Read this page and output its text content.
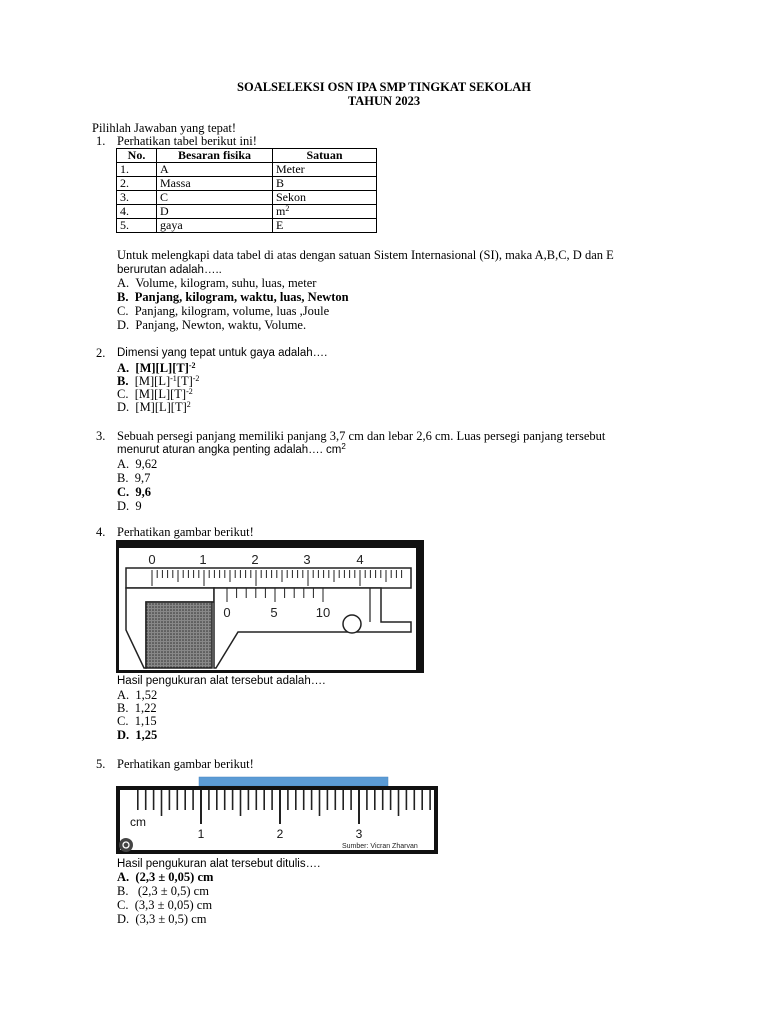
SOALSELEKSI OSN IPA SMP TINGKAT SEKOLAH
TAHUN 2023
Pilihlah Jawaban yang tepat!
1. Perhatikan tabel berikut ini!
No.	Besaran fisika	Satuan
1.	A	Meter
2.	Massa	B
3.	C	Sekon
4.	D	$m^2$
5.	gaya	E
Untuk melengkapi data tabel di atas dengan satuan Sistem Internasional (SI), maka A,B,C, D dan E
berurutan adalah…..
A. Volume, kilogram, suhu, luas, meter
B. Panjang, kilogram, waktu, luas, Newton
C. Panjang, kilogram, volume, luas ,Joule
D. Panjang, Newton, waktu, Volume.
2. Dimensi yang tepat untuk gaya adalah….
A. $[M][L][T]^{-2}$
B. $[M][L]^{-1}[T]^{-2}$
C. $[M][L][T]^{-2}$
D. $[M][L][T]^2$
3. Sebuah persegi panjang memiliki panjang 3,7 cm dan lebar 2,6 cm. Luas persegi panjang tersebut
menurut aturan angka penting adalah…. $cm^2$
A. 9,62
B. 9,7
C. 9,6
D. 9
4. Perhatikan gambar berikut!
0	1	2	3	4
0	5	10
Hasil pengukuran alat tersebut adalah….
A. 1,52
B. 1,22
C. 1,15
D. 1,25
5. Perhatikan gambar berikut!
cm
1	2	3
Sumber: Vicran Zharvan
Hasil pengukuran alat tersebut ditulis….
A. (2,3 ± 0,05) cm
B.   (2,3 ± 0,5) cm
C. (3,3 ± 0,05) cm
D. (3,3 ± 0,5) cm
